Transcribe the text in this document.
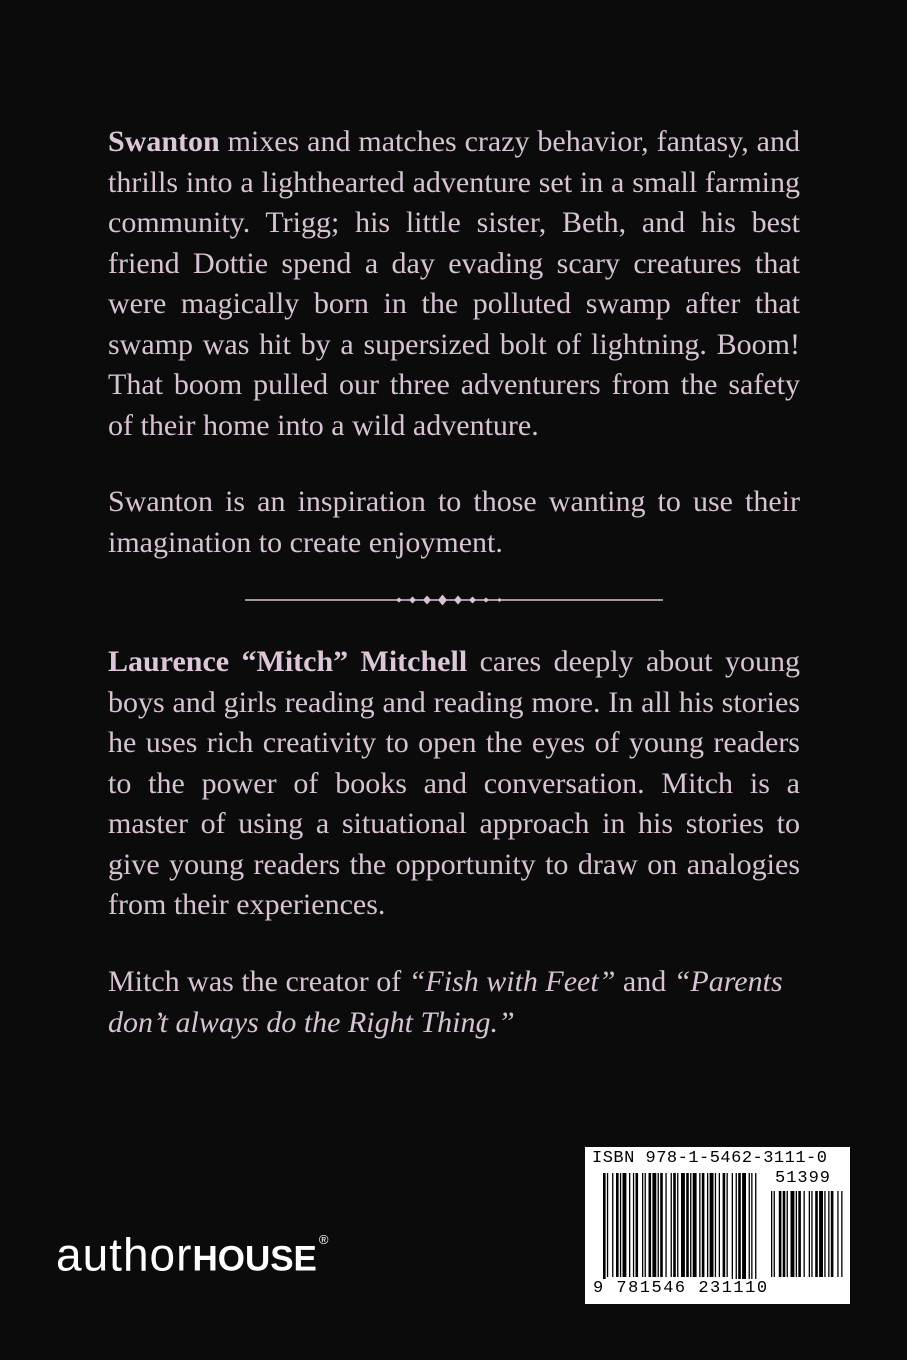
Swanton mixes and matches crazy behavior, fantasy, and thrills into a lighthearted adventure set in a small farming community. Trigg; his little sister, Beth, and his best friend Dottie spend a day evading scary creatures that were magically born in the polluted swamp after that swamp was hit by a supersized bolt of lightning. Boom! That boom pulled our three adventurers from the safety of their home into a wild adventure.

Swanton is an inspiration to those wanting to use their imagination to create enjoyment.

Laurence “Mitch” Mitchell cares deeply about young boys and girls reading and reading more. In all his stories he uses rich creativity to open the eyes of young readers to the power of books and conversation. Mitch is a master of using a situational approach in his stories to give young readers the opportunity to draw on analogies from their experiences.

Mitch was the creator of “Fish with Feet” and “Parents don’t always do the Right Thing.”

authorHOUSE ®
ISBN 978-1-5462-3111-0
51399
9 781546 231110
